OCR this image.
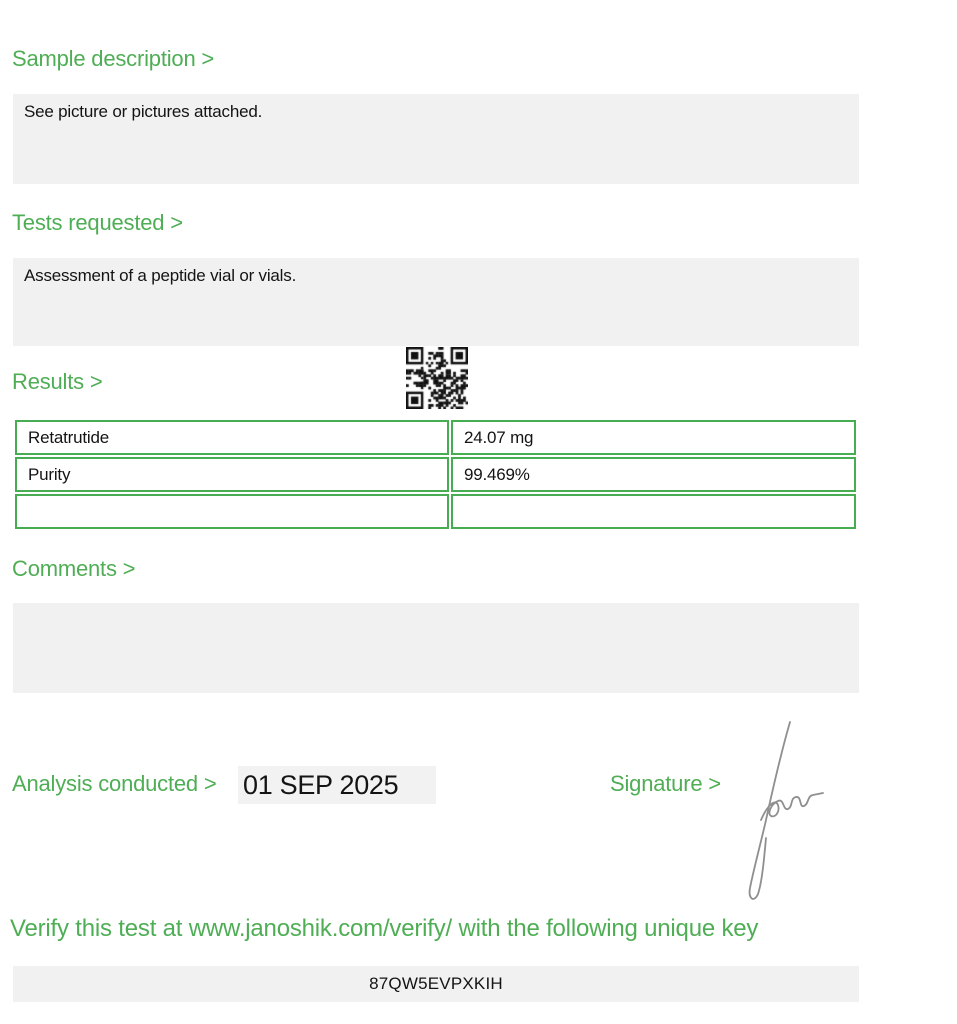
Sample description >
See picture or pictures attached.
Tests requested >
Assessment of a peptide vial or vials.
Results >
Retatrutide	24.07 mg
Purity	99.469%

Comments >
Analysis conducted > 01 SEP 2025	Signature >
Verify this test at www.janoshik.com/verify/ with the following unique key
87QW5EVPXKIH
